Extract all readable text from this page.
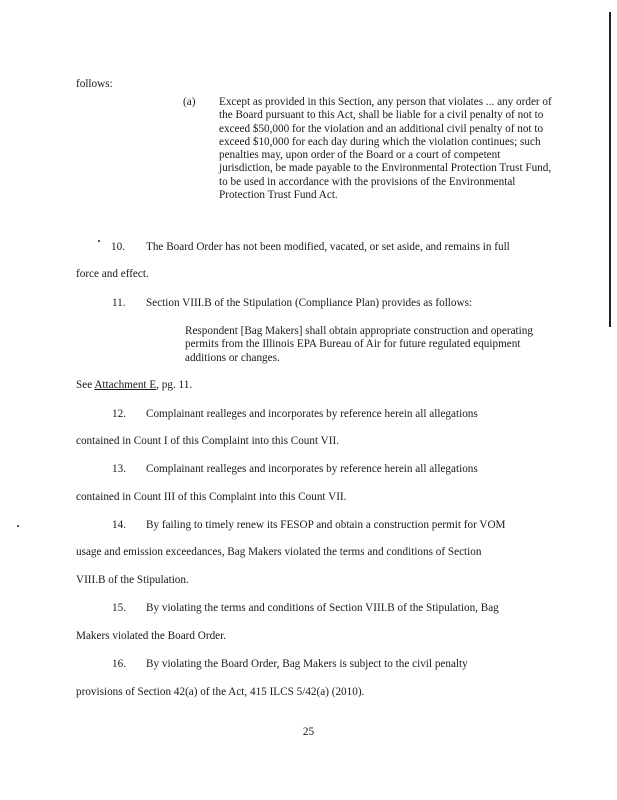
follows:
(a) Except as provided in this Section, any person that violates ... any order of the Board pursuant to this Act, shall be liable for a civil penalty of not to exceed $50,000 for the violation and an additional civil penalty of not to exceed $10,000 for each day during which the violation continues; such penalties may, upon order of the Board or a court of competent jurisdiction, be made payable to the Environmental Protection Trust Fund, to be used in accordance with the provisions of the Environmental Protection Trust Fund Act.
10. The Board Order has not been modified, vacated, or set aside, and remains in full
force and effect.
11. Section VIII.B of the Stipulation (Compliance Plan) provides as follows:
Respondent [Bag Makers] shall obtain appropriate construction and operating permits from the Illinois EPA Bureau of Air for future regulated equipment additions or changes.
See Attachment E, pg. 11.
12. Complainant realleges and incorporates by reference herein all allegations
contained in Count I of this Complaint into this Count VII.
13. Complainant realleges and incorporates by reference herein all allegations
contained in Count III of this Complaint into this Count VII.
14. By failing to timely renew its FESOP and obtain a construction permit for VOM
usage and emission exceedances, Bag Makers violated the terms and conditions of Section
VIII.B of the Stipulation.
15. By violating the terms and conditions of Section VIII.B of the Stipulation, Bag
Makers violated the Board Order.
16. By violating the Board Order, Bag Makers is subject to the civil penalty
provisions of Section 42(a) of the Act, 415 ILCS 5/42(a) (2010).
25
